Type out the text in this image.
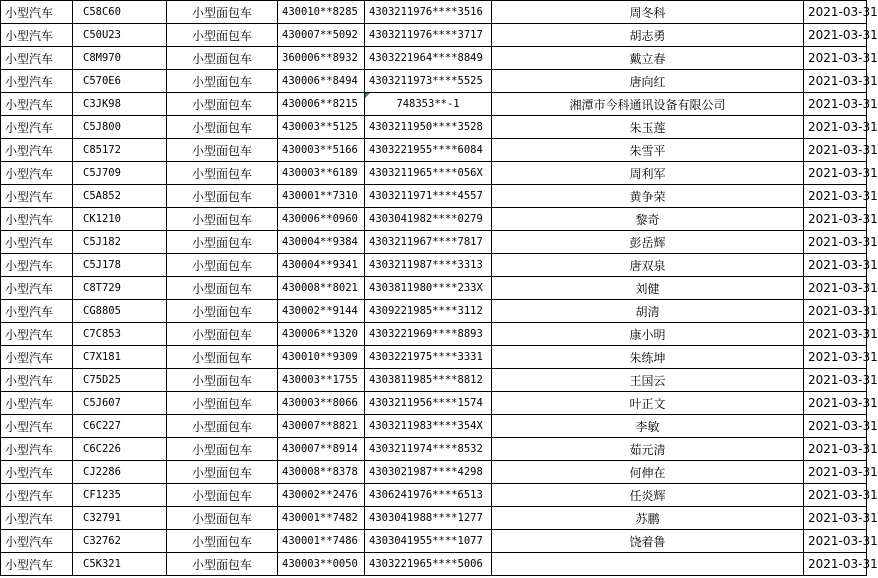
小型汽车	C58C60	小型面包车	430010**8285	4303211976****3516	周冬科	2021-03-31
小型汽车	C50U23	小型面包车	430007**5092	4303211976****3717	胡志勇	2021-03-31
小型汽车	C8M970	小型面包车	360006**8932	4303221964****8849	戴立春	2021-03-31
小型汽车	C570E6	小型面包车	430006**8494	4303211973****5525	唐向红	2021-03-31
小型汽车	C3JK98	小型面包车	430006**8215	748353**-1	湘潭市今科通讯设备有限公司	2021-03-31
小型汽车	C5J800	小型面包车	430003**5125	4303211950****3528	朱玉莲	2021-03-31
小型汽车	C85172	小型面包车	430003**5166	4303221955****6084	朱雪平	2021-03-31
小型汽车	C5J709	小型面包车	430003**6189	4303211965****056X	周利军	2021-03-31
小型汽车	C5A852	小型面包车	430001**7310	4303211971****4557	黄争荣	2021-03-31
小型汽车	CK1210	小型面包车	430006**0960	4303041982****0279	黎奇	2021-03-31
小型汽车	C5J182	小型面包车	430004**9384	4303211967****7817	彭岳辉	2021-03-31
小型汽车	C5J178	小型面包车	430004**9341	4303211987****3313	唐双泉	2021-03-31
小型汽车	C8T729	小型面包车	430008**8021	4303811980****233X	刘健	2021-03-31
小型汽车	CG8805	小型面包车	430002**9144	4309221985****3112	胡清	2021-03-31
小型汽车	C7C853	小型面包车	430006**1320	4303221969****8893	康小明	2021-03-31
小型汽车	C7X181	小型面包车	430010**9309	4303221975****3331	朱练坤	2021-03-31
小型汽车	C75D25	小型面包车	430003**1755	4303811985****8812	王国云	2021-03-31
小型汽车	C5J607	小型面包车	430003**8066	4303211956****1574	叶正文	2021-03-31
小型汽车	C6C227	小型面包车	430007**8821	4303211983****354X	李敏	2021-03-31
小型汽车	C6C226	小型面包车	430007**8914	4303211974****8532	茹元清	2021-03-31
小型汽车	CJ2286	小型面包车	430008**8378	4303021987****4298	何伸在	2021-03-31
小型汽车	CF1235	小型面包车	430002**2476	4306241976****6513	任炎辉	2021-03-31
小型汽车	C32791	小型面包车	430001**7482	4303041988****1277	苏鹏	2021-03-31
小型汽车	C32762	小型面包车	430001**7486	4303041955****1077	饶着鲁	2021-03-31
小型汽车	C5K321	小型面包车	430003**0050	4303221965****5006		2021-03-31
